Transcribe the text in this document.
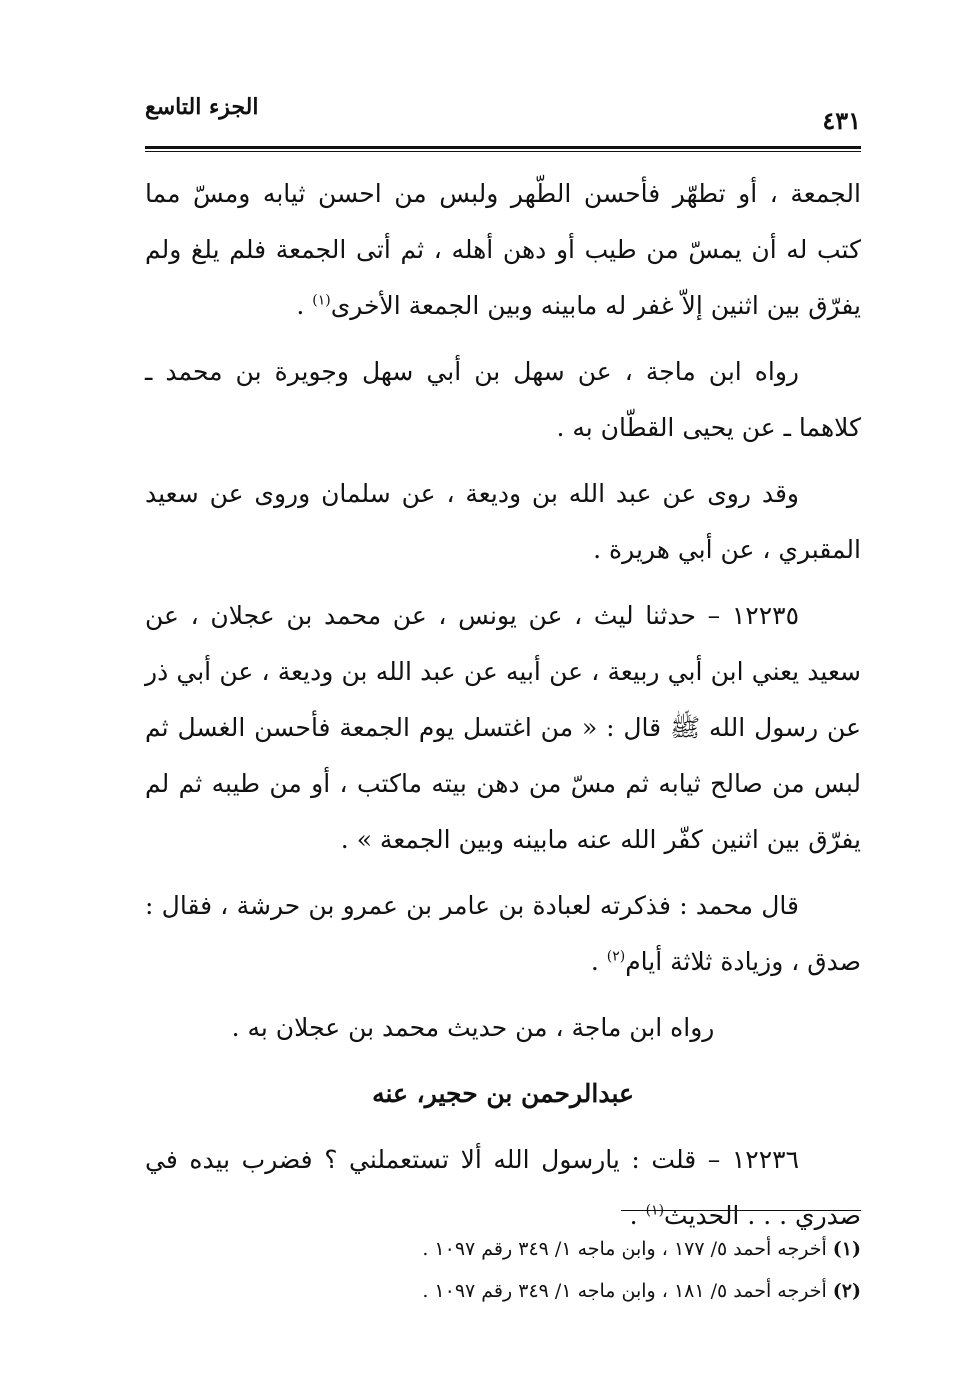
الجزء التاسع	٤٣١

الجمعة ، أو تطهّر فأحسن الطّهر ولبس من احسن ثيابه ومسّ مما كتب له أن يمسّ من طيب أو دهن أهله ، ثم أتى الجمعة فلم يلغ ولم يفرّق بين اثنين إلاّ غفر له مابينه وبين الجمعة الأخرى$^{(١)}$ .

رواه ابن ماجة ، عن سهل بن أبي سهل وجويرة بن محمد ـ كلاهما ـ عن يحيى القطّان به .

وقد روى عن عبد الله بن وديعة ، عن سلمان وروى عن سعيد المقبري ، عن أبي هريرة .

١٢٢٣٥ – حدثنا ليث ، عن يونس ، عن محمد بن عجلان ، عن سعيد يعني ابن أبي ربيعة ، عن أبيه عن عبد الله بن وديعة ، عن أبي ذر عن رسول الله ﷺ قال : « من اغتسل يوم الجمعة فأحسن الغسل ثم لبس من صالح ثيابه ثم مسّ من دهن بيته ماكتب ، أو من طيبه ثم لم يفرّق بين اثنين كفّر الله عنه مابينه وبين الجمعة » .

قال محمد : فذكرته لعبادة بن عامر بن عمرو بن حرشة ، فقال : صدق ، وزيادة ثلاثة أيام$^{(٢)}$ .

رواه ابن ماجة ، من حديث محمد بن عجلان به .

عبدالرحمن بن حجير، عنه

١٢٢٣٦ – قلت : يارسول الله ألا تستعملني ؟ فضرب بيده في صدري . . . الحديث$^{(١)}$ .

(١) أخرجه أحمد ٥/ ١٧٧ ، وابن ماجه ١/ ٣٤٩ رقم ١٠٩٧ .

(٢) أخرجه أحمد ٥/ ١٨١ ، وابن ماجه ١/ ٣٤٩ رقم ١٠٩٧ .
